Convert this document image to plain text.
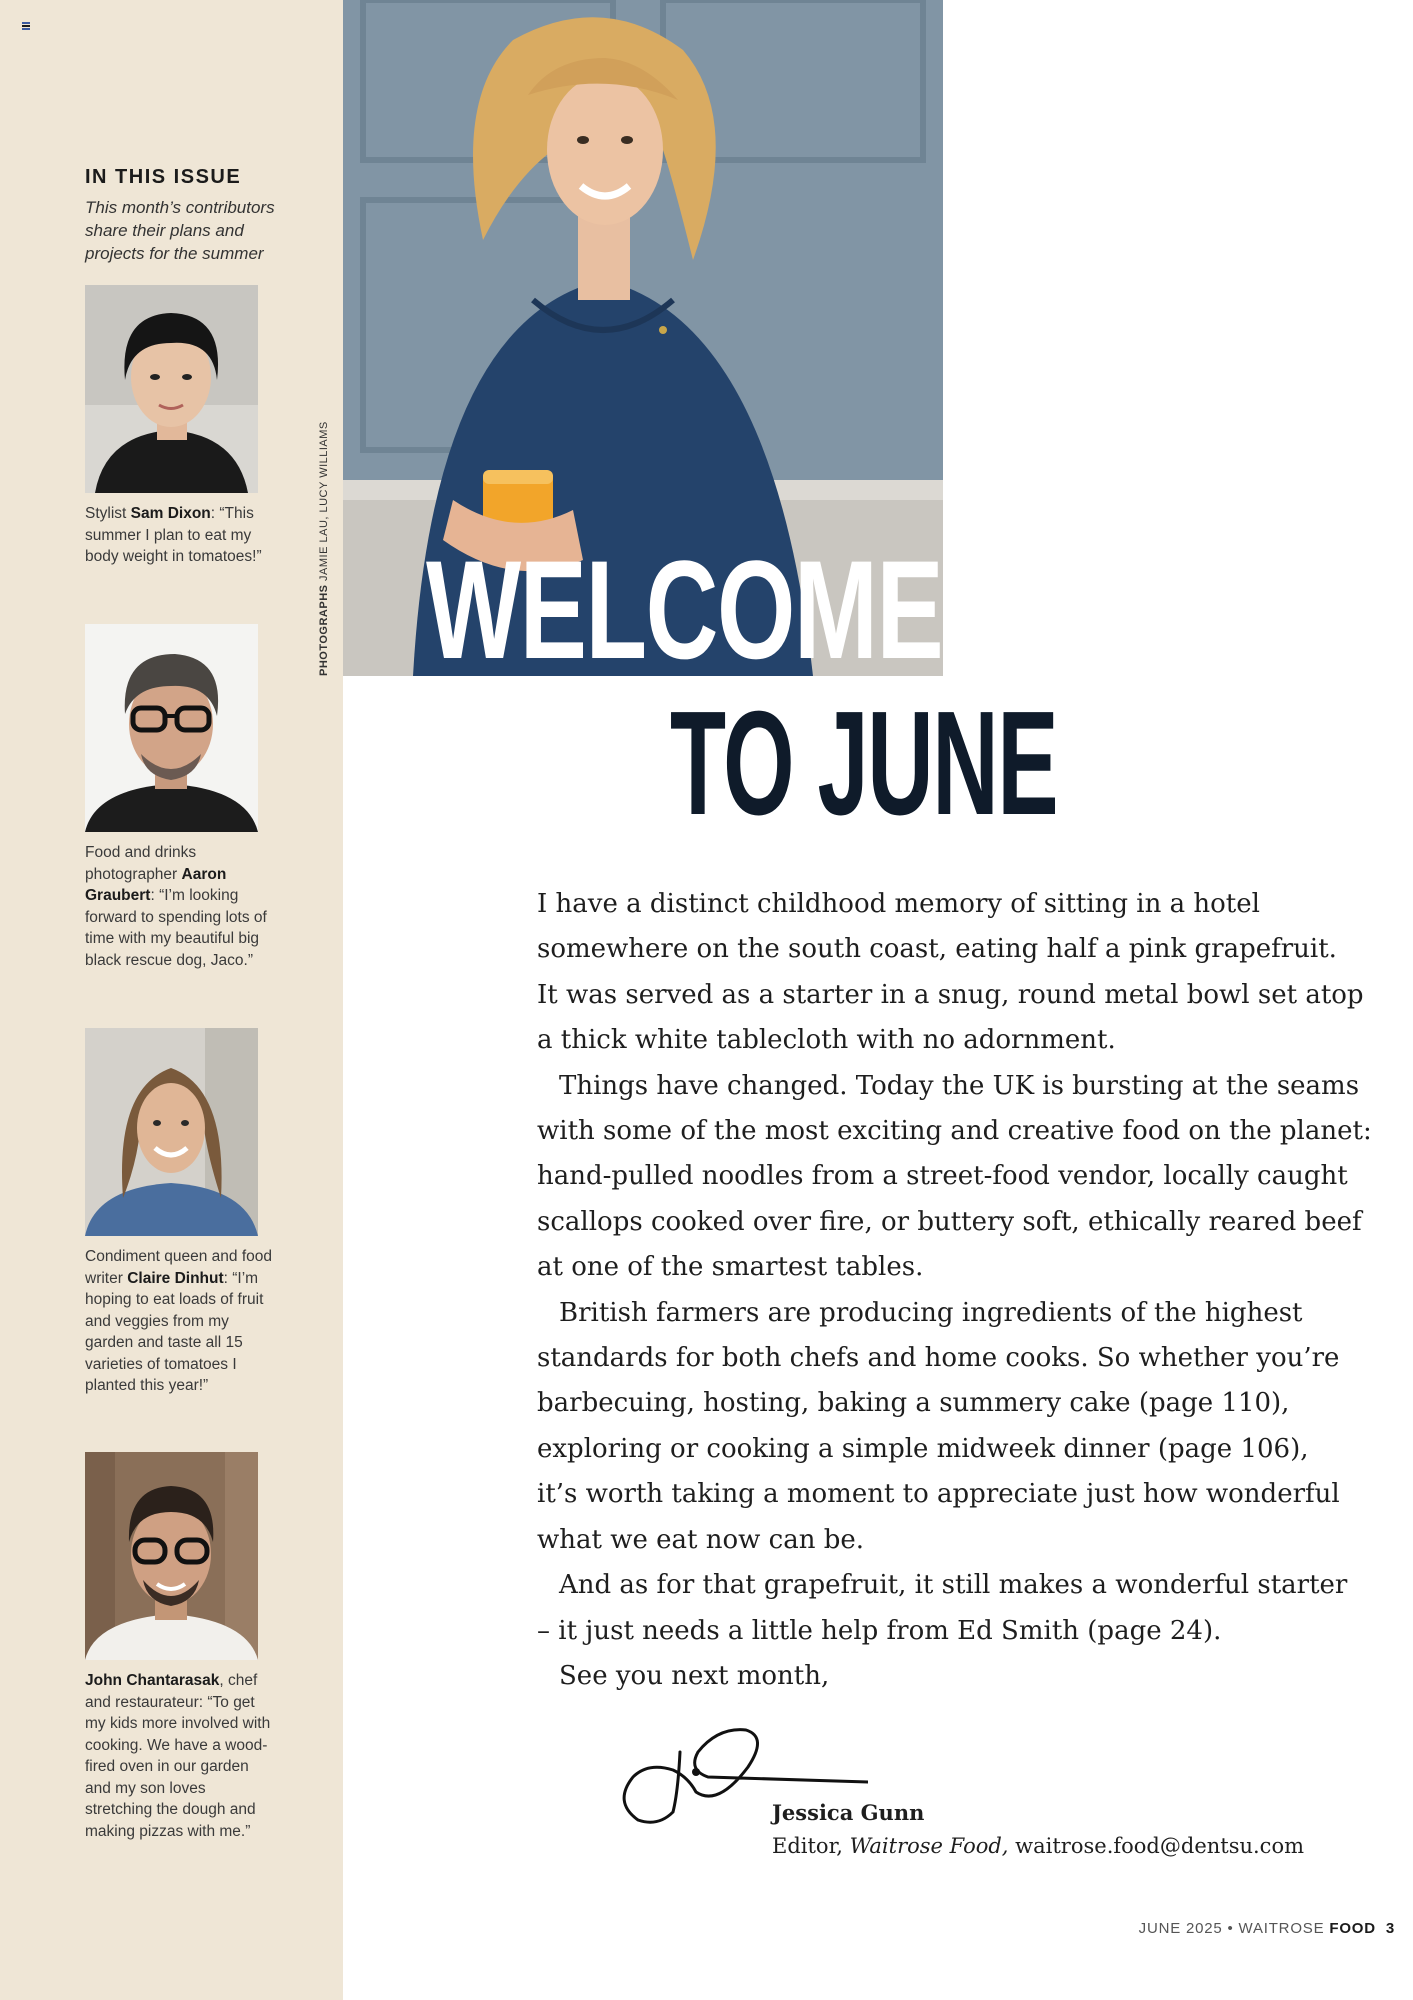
IN THIS ISSUE
This month’s contributors share their plans and projects for the summer
Stylist Sam Dixon: “This summer I plan to eat my body weight in tomatoes!”
Food and drinks photographer Aaron Graubert: “I’m looking forward to spending lots of time with my beautiful big black rescue dog, Jaco.”
Condiment queen and food writer Claire Dinhut: “I’m hoping to eat loads of fruit and veggies from my garden and taste all 15 varieties of tomatoes I planted this year!”
John Chantarasak, chef and restaurateur: “To get my kids more involved with cooking. We have a wood-fired oven in our garden and my son loves stretching the dough and making pizzas with me.”
PHOTOGRAPHS JAMIE LAU, LUCY WILLIAMS
WELCOME
TO JUNE

I have a distinct childhood memory of sitting in a hotel

somewhere on the south coast, eating half a pink grapefruit.

It was served as a starter in a snug, round metal bowl set atop

a thick white tablecloth with no adornment.

Things have changed. Today the UK is bursting at the seams

with some of the most exciting and creative food on the planet:

hand-pulled noodles from a street-food vendor, locally caught

scallops cooked over fire, or buttery soft, ethically reared beef

at one of the smartest tables.

British farmers are producing ingredients of the highest

standards for both chefs and home cooks. So whether you’re

barbecuing, hosting, baking a summery cake (page 110),

exploring or cooking a simple midweek dinner (page 106),

it’s worth taking a moment to appreciate just how wonderful

what we eat now can be.

And as for that grapefruit, it still makes a wonderful starter

– it just needs a little help from Ed Smith (page 24).

See you next month,

Jessica Gunn
Editor, Waitrose Food, waitrose.food@dentsu.com
JUNE 2025 • WAITROSE FOOD 3
